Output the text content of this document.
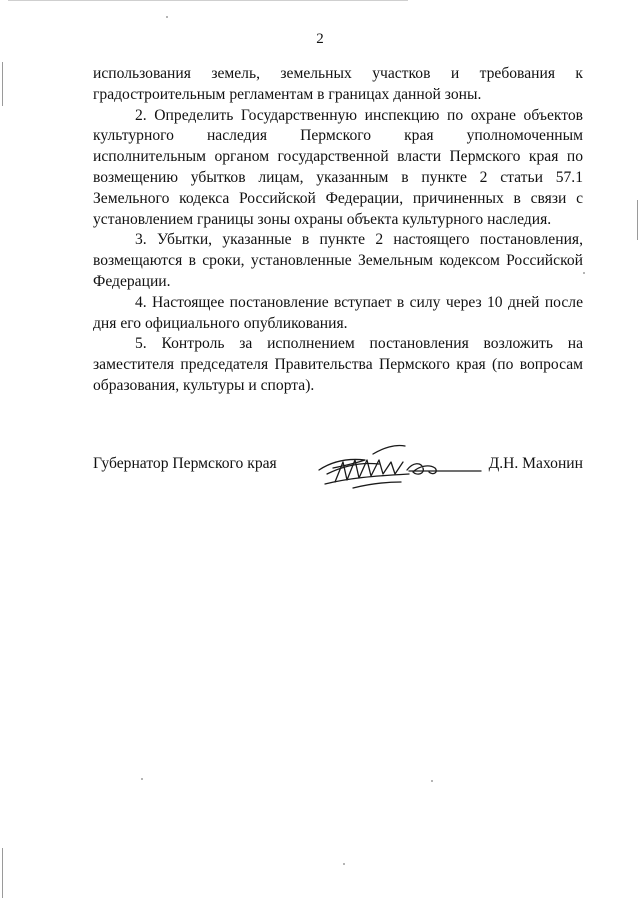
2

использования земель, земельных участков и требования к градостроительным регламентам в границах данной зоны.

2. Определить Государственную инспекцию по охране объектов культурного наследия Пермского края уполномоченным исполнительным органом государственной власти Пермского края по возмещению убытков лицам, указанным в пункте 2 статьи 57.1 Земельного кодекса Российской Федерации, причиненных в связи с установлением границы зоны охраны объекта культурного наследия.

3. Убытки, указанные в пункте 2 настоящего постановления, возмещаются в сроки, установленные Земельным кодексом Российской Федерации.

4. Настоящее постановление вступает в силу через 10 дней после дня его официального опубликования.

5. Контроль за исполнением постановления возложить на заместителя председателя Правительства Пермского края (по вопросам образования, культуры и спорта).

Губернатор Пермского края	Д.Н. Махонин
